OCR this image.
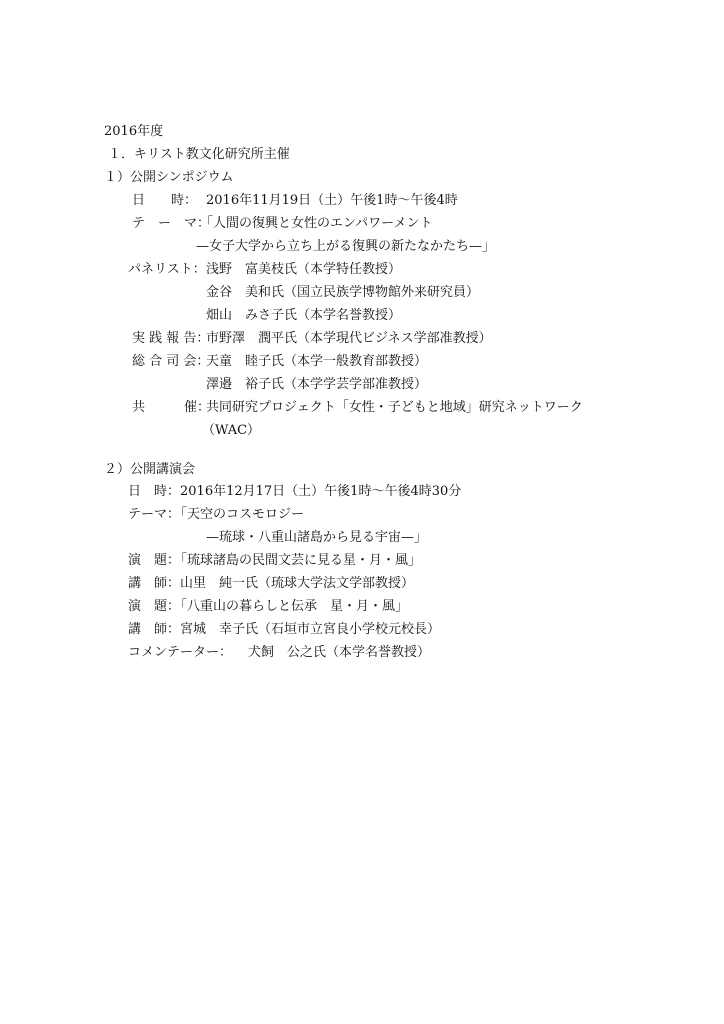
2016年度
１．キリスト教文化研究所主催
１）公開シンポジウム
日　　時： 2016年11月19日（土）午後1時〜午後4時
テ　ー　マ：
「人間の復興と女性のエンパワーメント
—女子大学から立ち上がる復興の新たなかたち—」
パネリスト： 浅野　富美枝氏（本学特任教授）
金谷　美和氏（国立民族学博物館外来研究員）
畑山　みさ子氏（本学名誉教授）
実 践 報 告：
市野澤　潤平氏（本学現代ビジネス学部准教授）
総 合 司 会：
天童　睦子氏（本学一般教育部教授）
澤邉　裕子氏（本学学芸学部准教授）
共　　　催：
共同研究プロジェクト「女性・子どもと地域」研究ネットワーク
（WAC）
２）公開講演会
日　時： 2016年12月17日（土）午後1時〜午後4時30分
テーマ：
「天空のコスモロジー
—琉球・八重山諸島から見る宇宙—」
演　題：
「琉球諸島の民間文芸に見る星・月・風」
講　師： 山里　純一氏（琉球大学法文学部教授）
演　題：
「八重山の暮らしと伝承　星・月・風」
講　師： 宮城　幸子氏（石垣市立宮良小学校元校長）
コメンテーター： 犬飼　公之氏（本学名誉教授）
